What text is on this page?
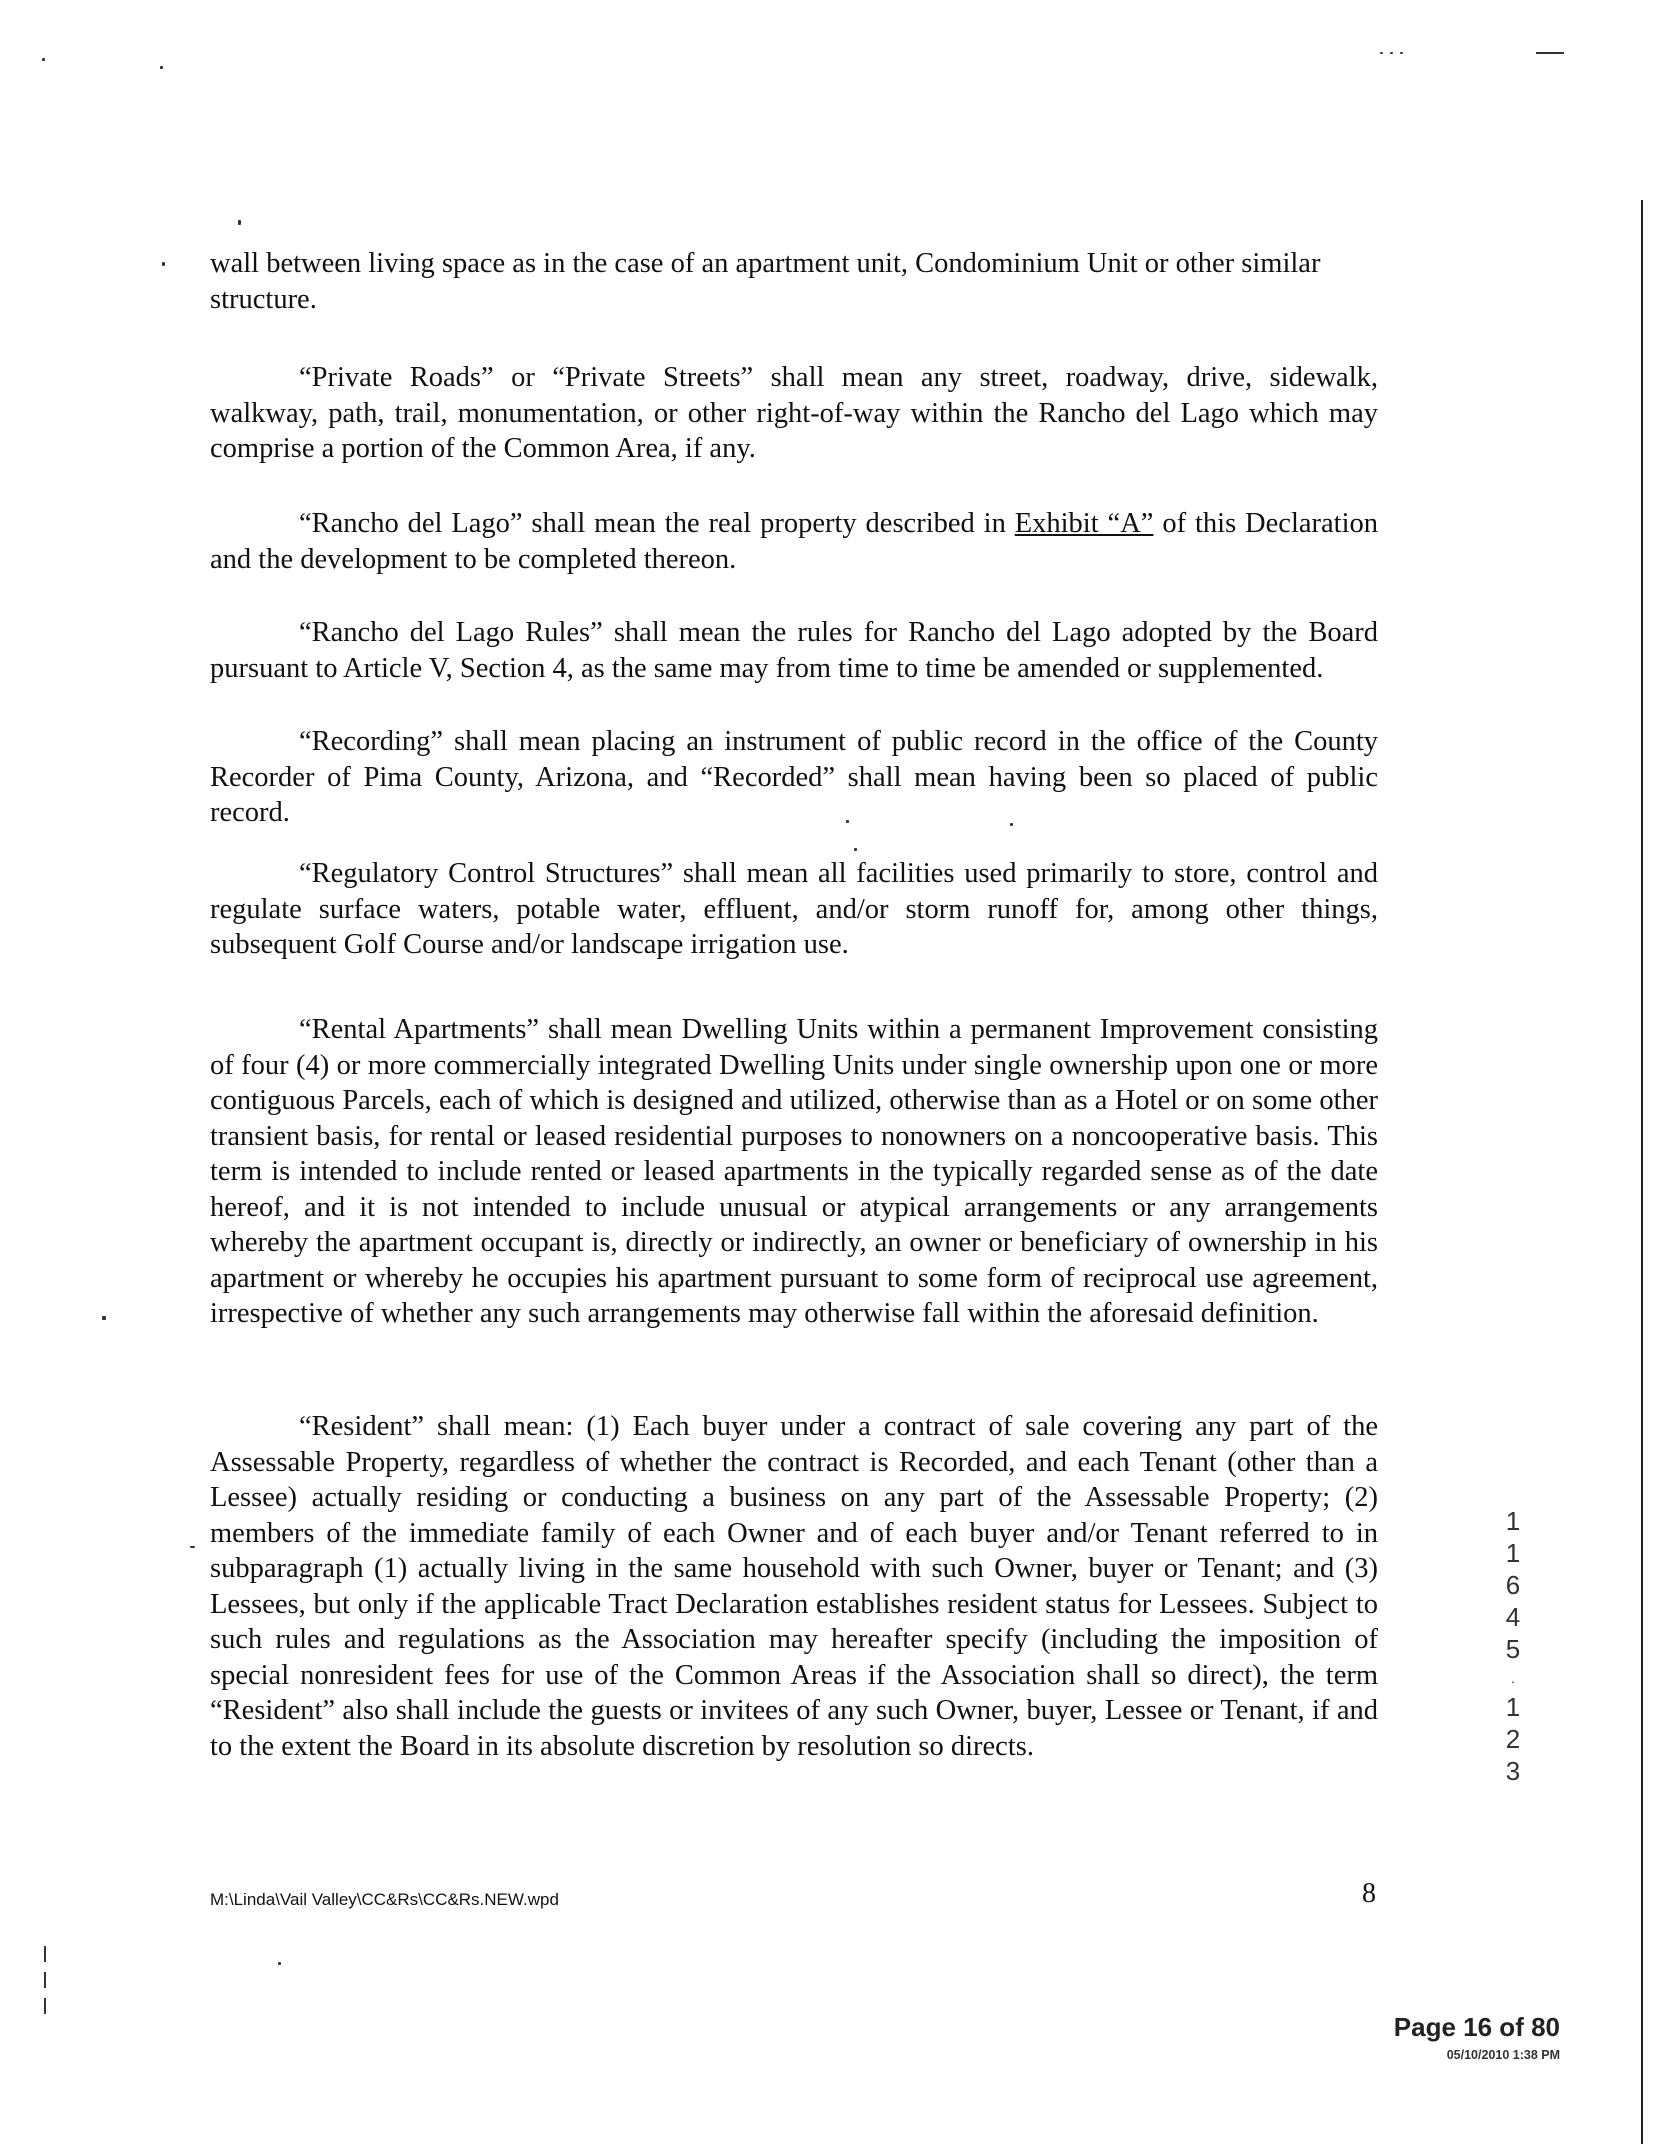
wall between living space as in the case of an apartment unit, Condominium Unit or other similar structure.

“Private Roads” or “Private Streets” shall mean any street, roadway, drive, sidewalk, walkway, path, trail, monumentation, or other right-of-way within the Rancho del Lago which may comprise a portion of the Common Area, if any.

“Rancho del Lago” shall mean the real property described in Exhibit “A” of this Declaration and the development to be completed thereon.

“Rancho del Lago Rules” shall mean the rules for Rancho del Lago adopted by the Board pursuant to Article V, Section 4, as the same may from time to time be amended or supplemented.

“Recording” shall mean placing an instrument of public record in the office of the County Recorder of Pima County, Arizona, and “Recorded” shall mean having been so placed of public record.

“Regulatory Control Structures” shall mean all facilities used primarily to store, control and regulate surface waters, potable water, effluent, and/or storm runoff for, among other things, subsequent Golf Course and/or landscape irrigation use.

“Rental Apartments” shall mean Dwelling Units within a permanent Improvement consisting of four (4) or more commercially integrated Dwelling Units under single ownership upon one or more contiguous Parcels, each of which is designed and utilized, otherwise than as a Hotel or on some other transient basis, for rental or leased residential purposes to nonowners on a noncooperative basis. This term is intended to include rented or leased apartments in the typically regarded sense as of the date hereof, and it is not intended to include unusual or atypical arrangements or any arrangements whereby the apartment occupant is, directly or indirectly, an owner or beneficiary of ownership in his apartment or whereby he occupies his apartment pursuant to some form of reciprocal use agreement, irrespective of whether any such arrangements may otherwise fall within the aforesaid definition.

“Resident” shall mean: (1) Each buyer under a contract of sale covering any part of the Assessable Property, regardless of whether the contract is Recorded, and each Tenant (other than a Lessee) actually residing or conducting a business on any part of the Assessable Property; (2) members of the immediate family of each Owner and of each buyer and/or Tenant referred to in subparagraph (1) actually living in the same household with such Owner, buyer or Tenant; and (3) Lessees, but only if the applicable Tract Declaration establishes resident status for Lessees. Subject to such rules and regulations as the Association may hereafter specify (including the imposition of special nonresident fees for use of the Common Areas if the Association shall so direct), the term “Resident” also shall include the guests or invitees of any such Owner, buyer, Lessee or Tenant, if and to the extent the Board in its absolute discretion by resolution so directs.

M:\Linda\Vail Valley\CC&Rs\CC&Rs.NEW.wpd	8
1
1
6
4
5
.
1
2
3
Page 16 of 80
05/10/2010 1:38 PM
